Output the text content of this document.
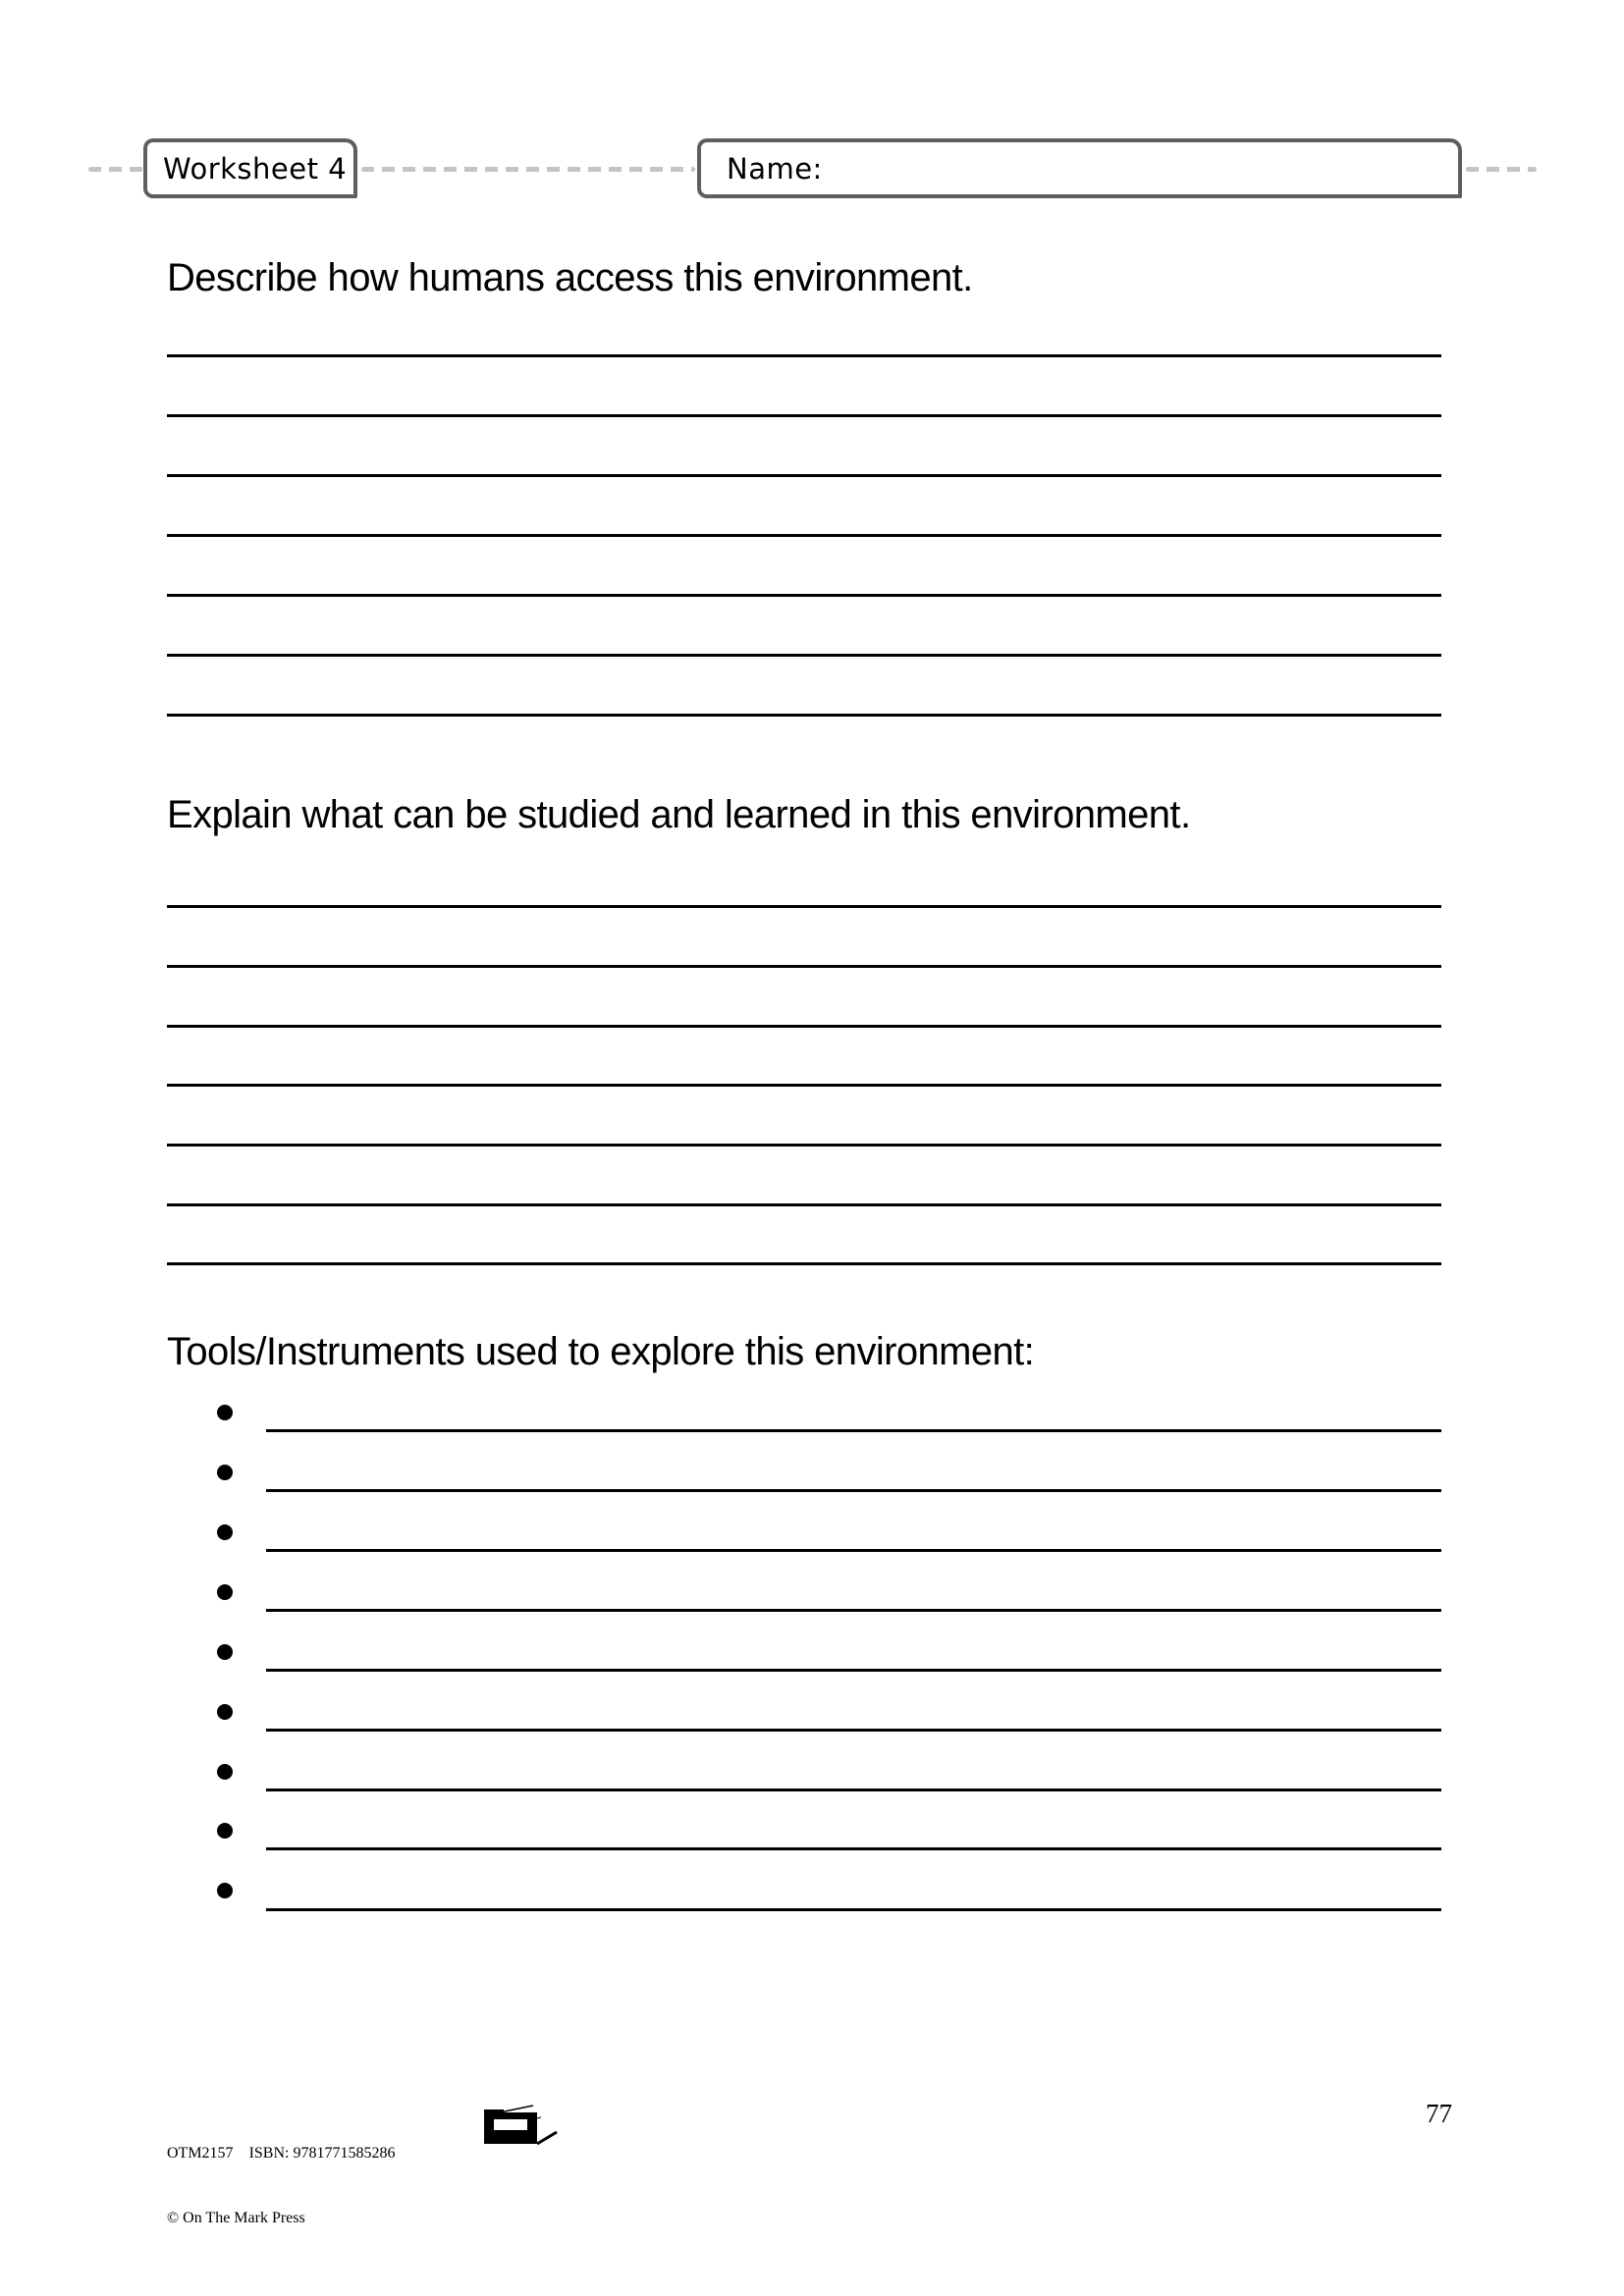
Worksheet 4	Name:
Describe how humans access this environment.
Explain what can be studied and learned in this environment.
Tools/Instruments used to explore this environment:

OTM2157 ISBN: 9781771585286

© On The Mark Press

77
